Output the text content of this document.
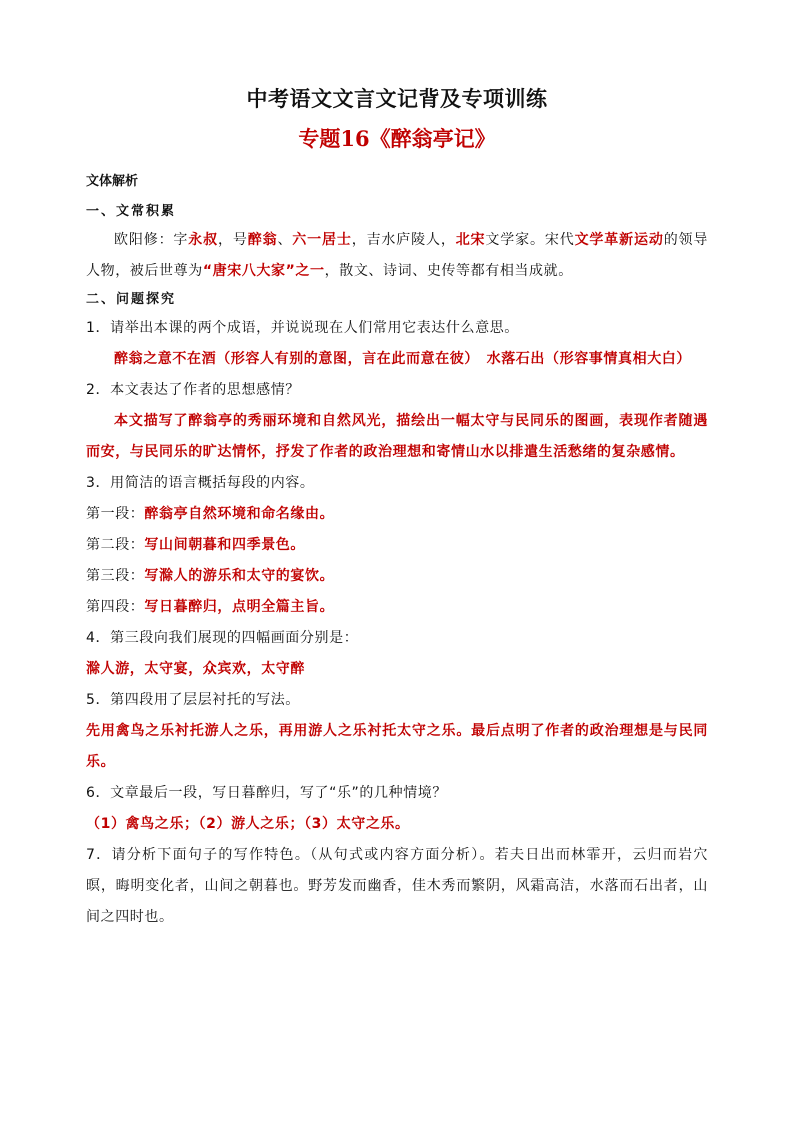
中考语文文言文记背及专项训练
专题16《醉翁亭记》
文体解析
一、文常积累

欧阳修：字永叔，号醉翁、六一居士，吉水庐陵人，北宋文学家。宋代文学革新运动的领导人物，被后世尊为“唐宋八大家”之一，散文、诗词、史传等都有相当成就。

二、问题探究

1．请举出本课的两个成语，并说说现在人们常用它表达什么意思。

醉翁之意不在酒（形容人有别的意图，言在此而意在彼）　水落石出（形容事情真相大白）

2．本文表达了作者的思想感情？

本文描写了醉翁亭的秀丽环境和自然风光，描绘出一幅太守与民同乐的图画，表现作者随遇而安，与民同乐的旷达情怀，抒发了作者的政治理想和寄情山水以排遣生活愁绪的复杂感情。

3．用简洁的语言概括每段的内容。

第一段：醉翁亭自然环境和命名缘由。

第二段：写山间朝暮和四季景色。

第三段：写滁人的游乐和太守的宴饮。

第四段：写日暮醉归，点明全篇主旨。

4．第三段向我们展现的四幅画面分别是：

滁人游，太守宴，众宾欢，太守醉

5．第四段用了层层衬托的写法。

先用禽鸟之乐衬托游人之乐，再用游人之乐衬托太守之乐。最后点明了作者的政治理想是与民同乐。

6．文章最后一段，写日暮醉归，写了“乐”的几种情境？

（1）禽鸟之乐；（2）游人之乐；（3）太守之乐。

7．请分析下面句子的写作特色。（从句式或内容方面分析）。若夫日出而林霏开，云归而岩穴暝，晦明变化者，山间之朝暮也。野芳发而幽香，佳木秀而繁阴，风霜高洁，水落而石出者，山间之四时也。
